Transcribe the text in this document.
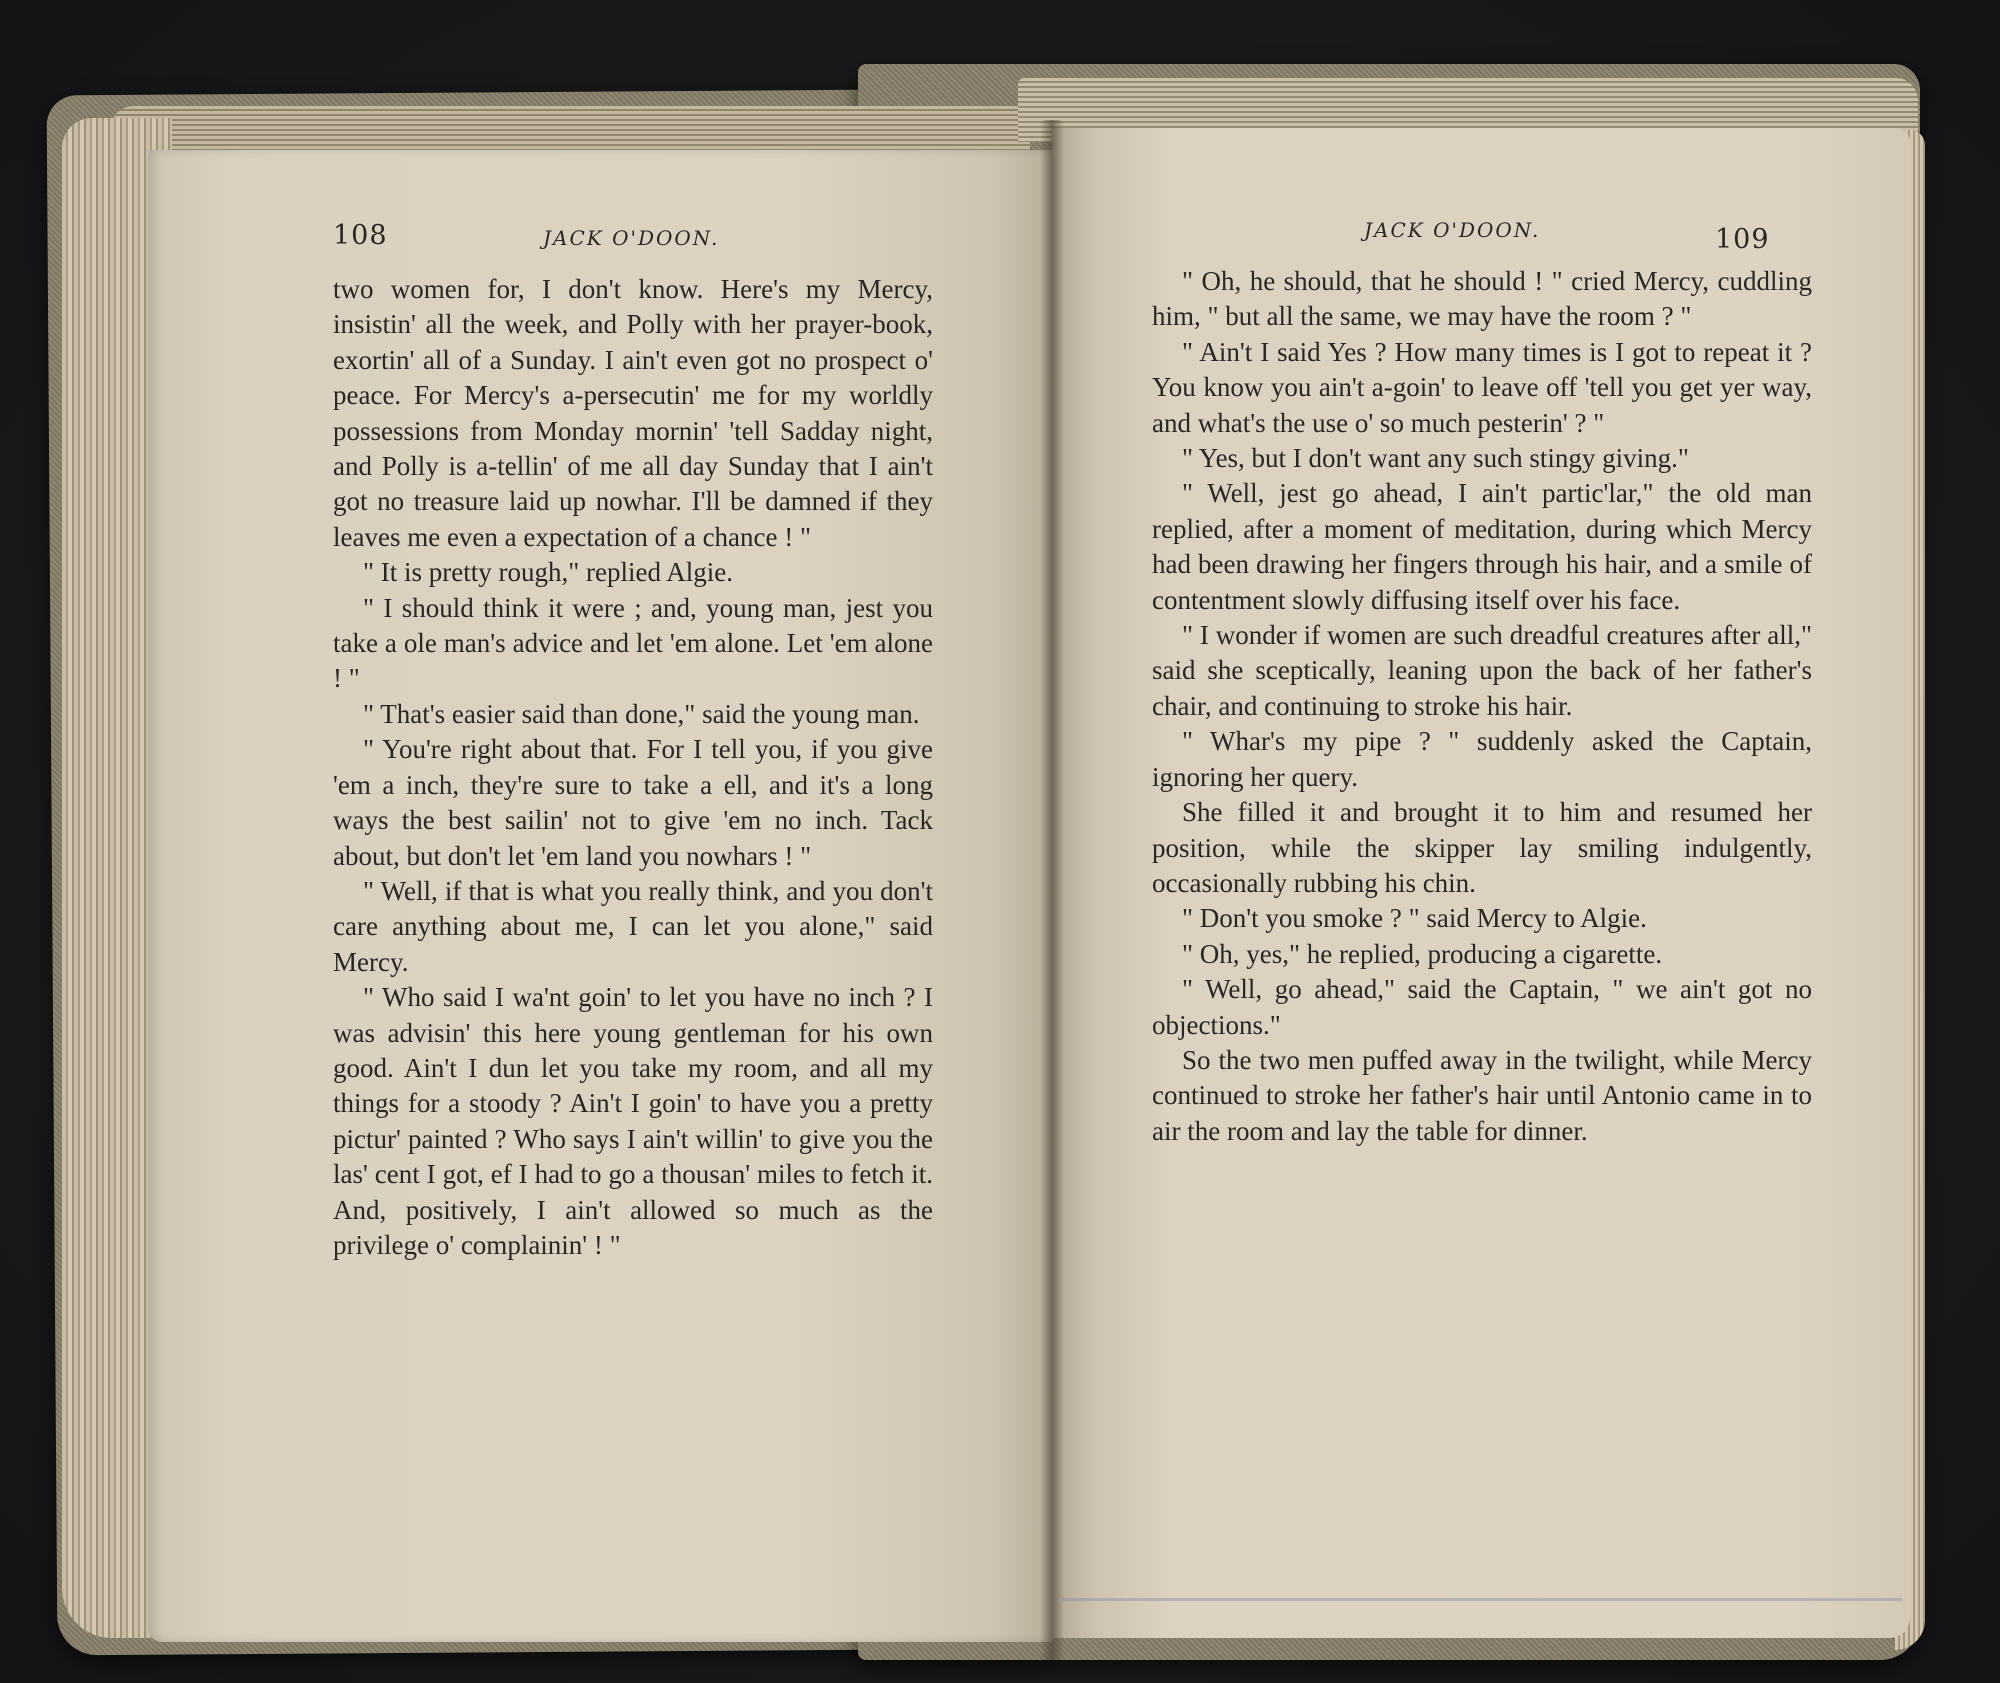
108	JACK O'DOON.

two women for, I don't know. Here's my Mercy, insistin' all the week, and Polly with her prayer-book, exortin' all of a Sunday. I ain't even got no prospect o' peace. For Mercy's a-persecutin' me for my worldly possessions from Monday mornin' 'tell Sadday night, and Polly is a-tellin' of me all day Sunday that I ain't got no treasure laid up nowhar. I'll be damned if they leaves me even a expectation of a chance ! "

" It is pretty rough," replied Algie.

" I should think it were ; and, young man, jest you take a ole man's advice and let 'em alone. Let 'em alone ! "

" That's easier said than done," said the young man.

" You're right about that. For I tell you, if you give 'em a inch, they're sure to take a ell, and it's a long ways the best sailin' not to give 'em no inch. Tack about, but don't let 'em land you nowhars ! "

" Well, if that is what you really think, and you don't care anything about me, I can let you alone," said Mercy.

" Who said I wa'nt goin' to let you have no inch ? I was advisin' this here young gentleman for his own good. Ain't I dun let you take my room, and all my things for a stoody ? Ain't I goin' to have you a pretty pictur' painted ? Who says I ain't willin' to give you the las' cent I got, ef I had to go a thousan' miles to fetch it. And, positively, I ain't allowed so much as the privilege o' complainin' ! "

JACK O'DOON.	109

" Oh, he should, that he should ! " cried Mercy, cuddling him, " but all the same, we may have the room ? "

" Ain't I said Yes ? How many times is I got to repeat it ? You know you ain't a-goin' to leave off 'tell you get yer way, and what's the use o' so much pesterin' ? "

" Yes, but I don't want any such stingy giving."

" Well, jest go ahead, I ain't partic'lar," the old man replied, after a moment of meditation, during which Mercy had been drawing her fingers through his hair, and a smile of contentment slowly diffusing itself over his face.

" I wonder if women are such dreadful creatures after all," said she sceptically, leaning upon the back of her father's chair, and continuing to stroke his hair.

" Whar's my pipe ? " suddenly asked the Captain, ignoring her query.

She filled it and brought it to him and resumed her position, while the skipper lay smiling indulgently, occasionally rubbing his chin.

" Don't you smoke ? " said Mercy to Algie.

" Oh, yes," he replied, producing a cigarette.

" Well, go ahead," said the Captain, " we ain't got no objections."

So the two men puffed away in the twilight, while Mercy continued to stroke her father's hair until Antonio came in to air the room and lay the table for dinner.
